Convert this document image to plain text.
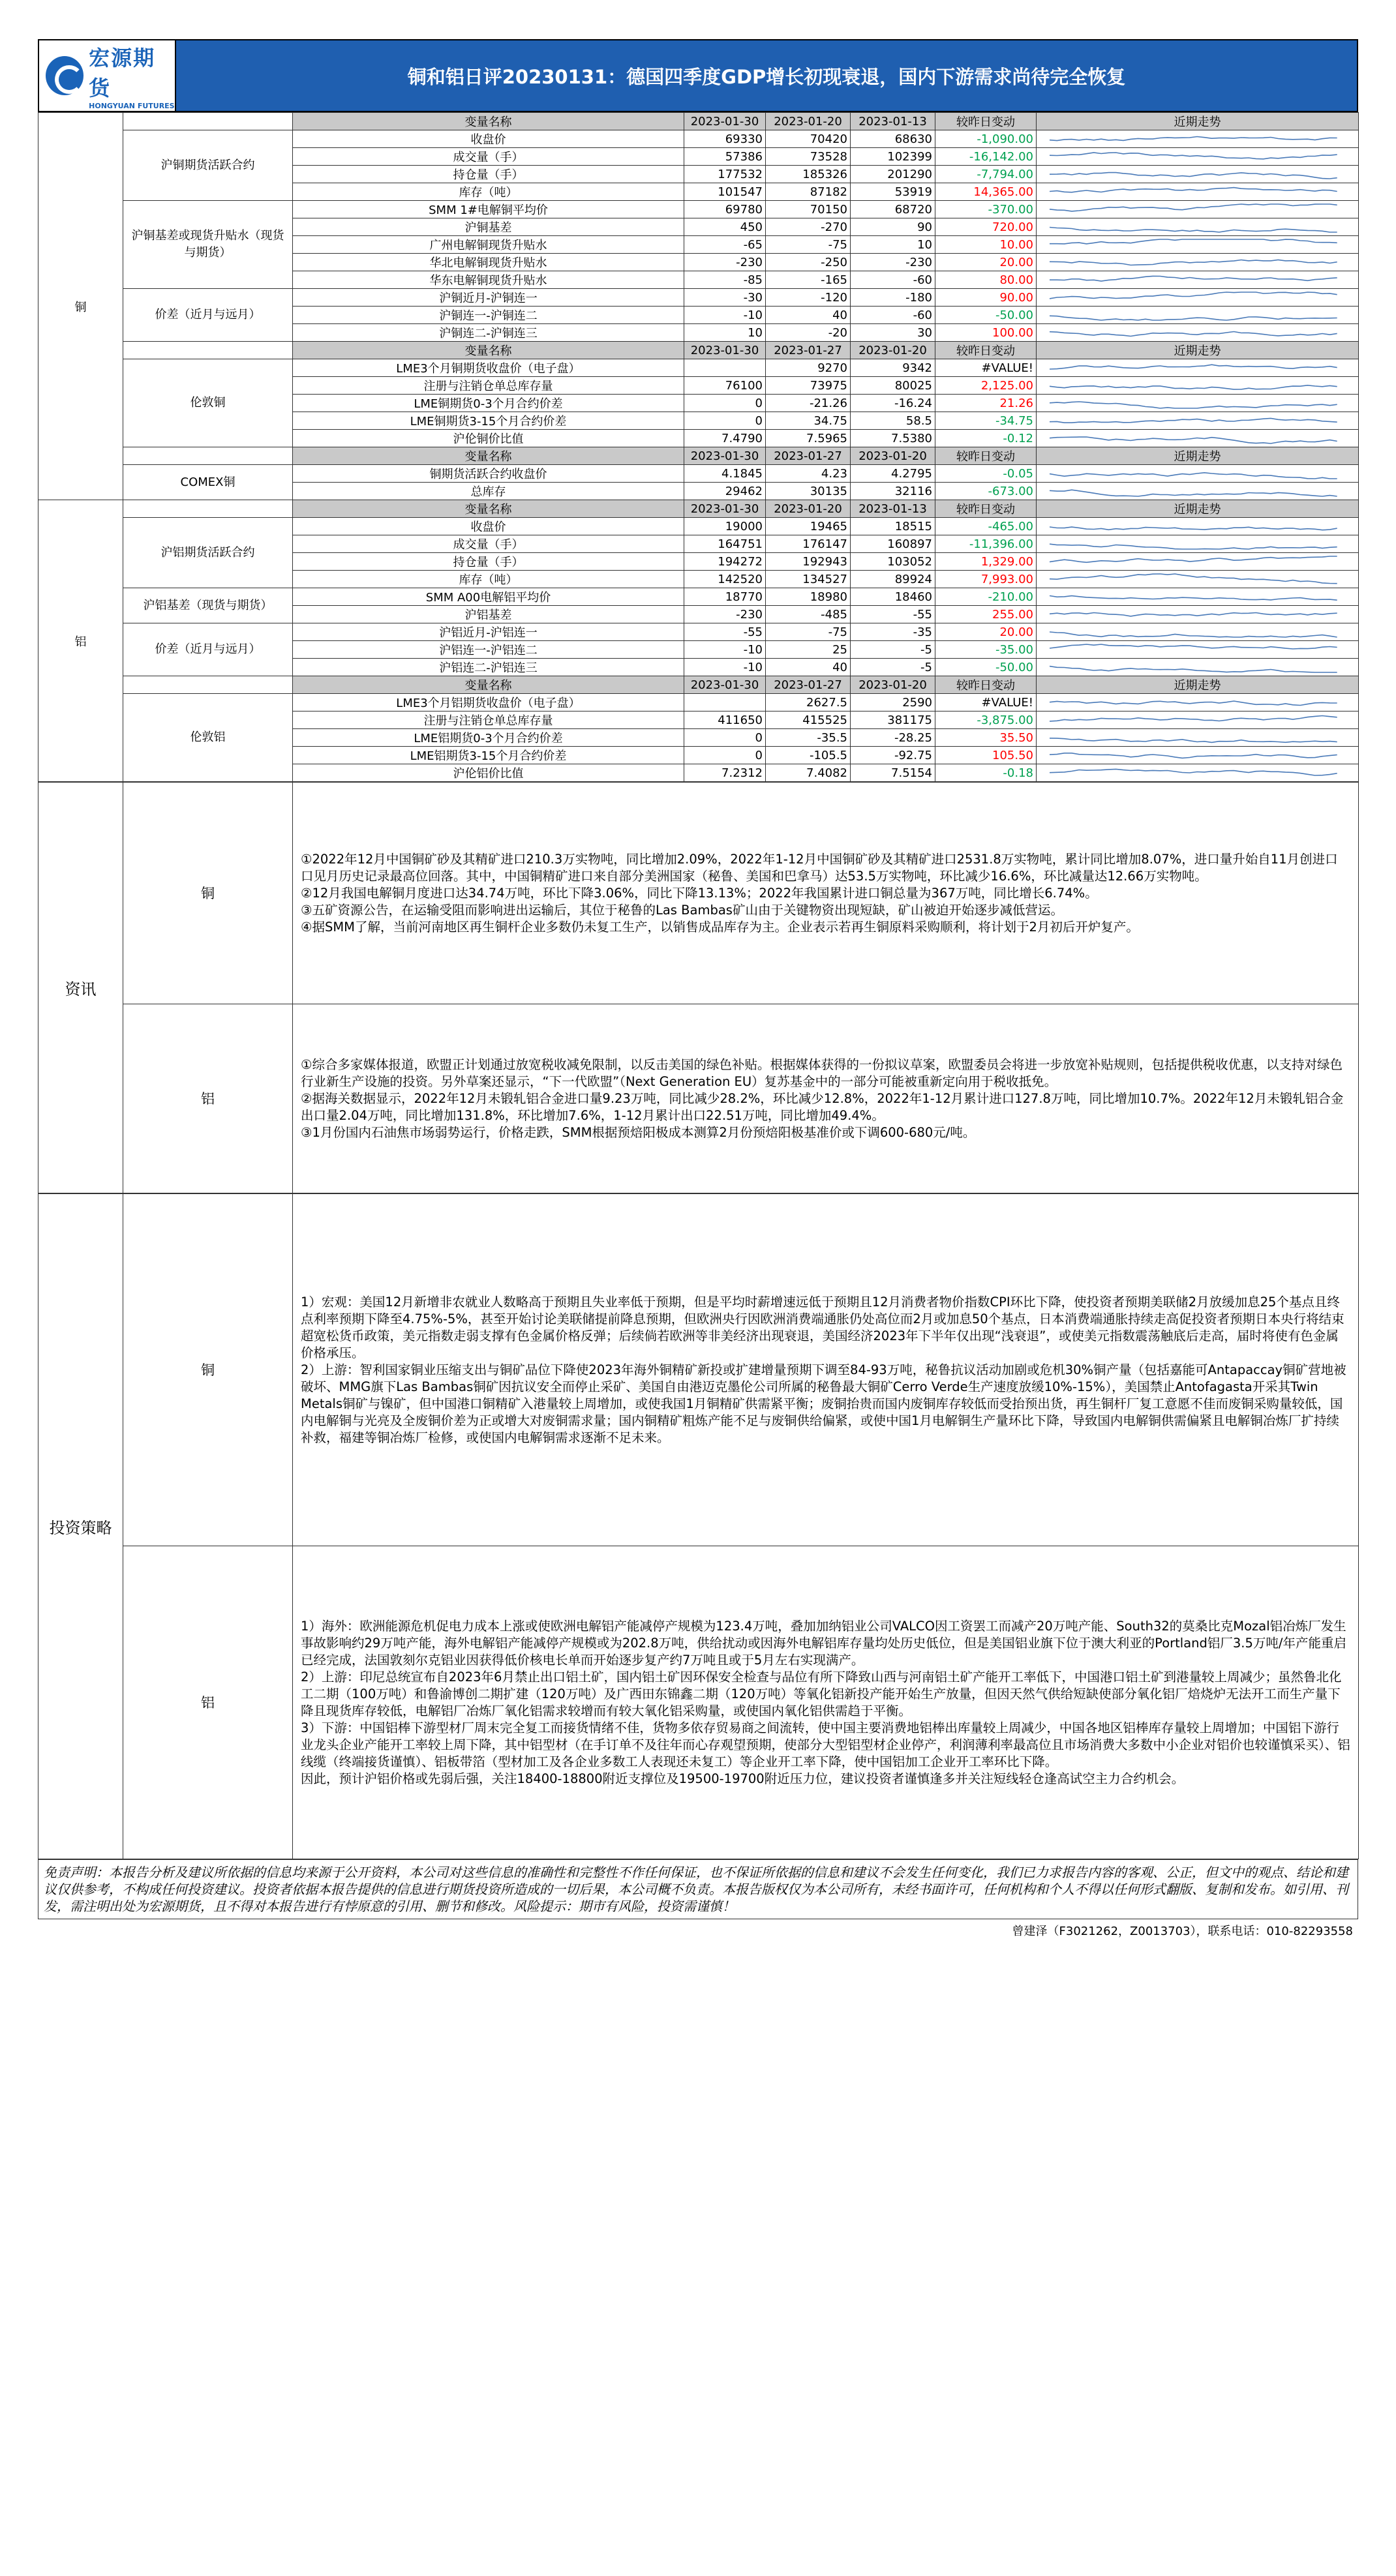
宏源期货
HONGYUAN FUTURES
铜和铝日评20230131：德国四季度GDP增长初现衰退，国内下游需求尚待完全恢复
铜		变量名称	2023-01-30	2023-01-20	2023-01-13	较昨日变动	近期走势
	沪铜期货活跃合约	收盘价	69330	70420	68630	-1,090.00	

		成交量（手）	57386	73528	102399	-16,142.00	

		持仓量（手）	177532	185326	201290	-7,794.00	

		库存（吨）	101547	87182	53919	14,365.00	

	沪铜基差或现货升贴水（现货与期货）	SMM 1#电解铜平均价	69780	70150	68720	-370.00	

		沪铜基差	450	-270	90	720.00	

		广州电解铜现货升贴水	-65	-75	10	10.00	

		华北电解铜现货升贴水	-230	-250	-230	20.00	

		华东电解铜现货升贴水	-85	-165	-60	80.00	

	价差（近月与远月）	沪铜近月-沪铜连一	-30	-120	-180	90.00	

		沪铜连一-沪铜连二	-10	40	-60	-50.00	

		沪铜连二-沪铜连三	10	-20	30	100.00	

		变量名称	2023-01-30	2023-01-27	2023-01-20	较昨日变动	近期走势
	伦敦铜	LME3个月铜期货收盘价（电子盘）		9270	9342	#VALUE!	

		注册与注销仓单总库存量	76100	73975	80025	2,125.00	

		LME铜期货0-3个月合约价差	0	-21.26	-16.24	21.26	

		LME铜期货3-15个月合约价差	0	34.75	58.5	-34.75	

		沪伦铜价比值	7.4790	7.5965	7.5380	-0.12	

		变量名称	2023-01-30	2023-01-27	2023-01-20	较昨日变动	近期走势
	COMEX铜	铜期货活跃合约收盘价	4.1845	4.23	4.2795	-0.05	

		总库存	29462	30135	32116	-673.00	

铝		变量名称	2023-01-30	2023-01-20	2023-01-13	较昨日变动	近期走势
	沪铝期货活跃合约	收盘价	19000	19465	18515	-465.00	

		成交量（手）	164751	176147	160897	-11,396.00	

		持仓量（手）	194272	192943	103052	1,329.00	

		库存（吨）	142520	134527	89924	7,993.00	

	沪铝基差（现货与期货）	SMM A00电解铝平均价	18770	18980	18460	-210.00	

		沪铝基差	-230	-485	-55	255.00	

	价差（近月与远月）	沪铝近月-沪铝连一	-55	-75	-35	20.00	

		沪铝连一-沪铝连二	-10	25	-5	-35.00	

		沪铝连二-沪铝连三	-10	40	-5	-50.00	

		变量名称	2023-01-30	2023-01-27	2023-01-20	较昨日变动	近期走势
	伦敦铝	LME3个月铝期货收盘价（电子盘）		2627.5	2590	#VALUE!	

		注册与注销仓单总库存量	411650	415525	381175	-3,875.00	

		LME铝期货0-3个月合约价差	0	-35.5	-28.25	35.50	

		LME铝期货3-15个月合约价差	0	-105.5	-92.75	105.50	

		沪伦铝价比值	7.2312	7.4082	7.5154	-0.18	
资讯	铜	①2022年12月中国铜矿砂及其精矿进口210.3万实物吨，同比增加2.09%，2022年1-12月中国铜矿砂及其精矿进口2531.8万实物吨，累计同比增加8.07%，进口量升始自11月创进口口见月历史记录最高位回落。其中，中国铜精矿进口来自部分美洲国家（秘鲁、美国和巴拿马）达53.5万实物吨，环比减少16.6%，环比减量达12.66万实物吨。

②12月我国电解铜月度进口达34.74万吨，环比下降3.06%，同比下降13.13%；2022年我国累计进口铜总量为367万吨，同比增长6.74%。

③五矿资源公告，在运输受阻而影响进出运输后，其位于秘鲁的Las Bambas矿山由于关键物资出现短缺，矿山被迫开始逐步减低营运。

④据SMM了解，当前河南地区再生铜杆企业多数仍未复工生产，以销售成品库存为主。企业表示若再生铜原料采购顺利，将计划于2月初后开炉复产。

	铝	①综合多家媒体报道，欧盟正计划通过放宽税收减免限制，以反击美国的绿色补贴。根据媒体获得的一份拟议草案，欧盟委员会将进一步放宽补贴规则，包括提供税收优惠，以支持对绿色行业新生产设施的投资。另外草案还显示，“下一代欧盟”（Next Generation EU）复苏基金中的一部分可能被重新定向用于税收抵免。

②据海关数据显示，2022年12月未锻轧铝合金进口量9.23万吨，同比减少28.2%，环比减少12.8%，2022年1-12月累计进口127.8万吨，同比增加10.7%。2022年12月未锻轧铝合金出口量2.04万吨，同比增加131.8%，环比增加7.6%，1-12月累计出口22.51万吨，同比增加49.4%。

③1月份国内石油焦市场弱势运行，价格走跌，SMM根据预焙阳极成本测算2月份预焙阳极基准价或下调600-680元/吨。

投资策略	铜	1）宏观：美国12月新增非农就业人数略高于预期且失业率低于预期，但是平均时薪增速远低于预期且12月消费者物价指数CPI环比下降，使投资者预期美联储2月放缓加息25个基点且终点利率预期下降至4.75%-5%，甚至开始讨论美联储提前降息预期，但欧洲央行因欧洲消费端通胀仍处高位而2月或加息50个基点，日本消费端通胀持续走高促投资者预期日本央行将结束超宽松货币政策，美元指数走弱支撑有色金属价格反弹；后续倘若欧洲等非美经济出现衰退，美国经济2023年下半年仅出现“浅衰退”，或使美元指数震荡触底后走高，届时将使有色金属价格承压。

2）上游：智利国家铜业压缩支出与铜矿品位下降使2023年海外铜精矿新投或扩建增量预期下调至84-93万吨，秘鲁抗议活动加剧或危机30%铜产量（包括嘉能可Antapaccay铜矿营地被破坏、MMG旗下Las Bambas铜矿因抗议安全而停止采矿、美国自由港迈克墨伦公司所属的秘鲁最大铜矿Cerro Verde生产速度放缓10%-15%），美国禁止Antofagasta开采其Twin Metals铜矿与镍矿，但中国港口铜精矿入港量较上周增加，或使我国1月铜精矿供需紧平衡；废铜抬贵而国内废铜库存较低而受抬预出货，再生铜杆厂复工意愿不佳而废铜采购量较低，国内电解铜与光亮及全废铜价差为正或增大对废铜需求量；国内铜精矿粗炼产能不足与废铜供给偏紧，或使中国1月电解铜生产量环比下降，导致国内电解铜供需偏紧且电解铜冶炼厂扩持续补救，福建等铜冶炼厂检修，或使国内电解铜需求逐渐不足未来。

	铝	1）海外：欧洲能源危机促电力成本上涨或使欧洲电解铝产能减停产规模为123.4万吨，叠加加纳铝业公司VALCO因工资罢工而减产20万吨产能、South32的莫桑比克Mozal铝冶炼厂发生事故影响约29万吨产能，海外电解铝产能减停产规模或为202.8万吨，供给扰动或因海外电解铝库存量均处历史低位，但是美国铝业旗下位于澳大利亚的Portland铝厂3.5万吨/年产能重启已经完成，法国敦刻尔克铝业因获得低价核电长单而开始逐步复产约7万吨且或于5月左右实现满产。

2）上游：印尼总统宣布自2023年6月禁止出口铝土矿，国内铝土矿因环保安全检查与品位有所下降致山西与河南铝土矿产能开工率低下，中国港口铝土矿到港量较上周减少；虽然鲁北化工二期（100万吨）和鲁渝博创二期扩建（120万吨）及广西田东锦鑫二期（120万吨）等氧化铝新投产能开始生产放量，但因天然气供给短缺使部分氧化铝厂焙烧炉无法开工而生产量下降且现货库存较低，电解铝厂冶炼厂氧化铝需求较增而有较大氧化铝采购量，或使国内氧化铝供需趋于平衡。

3）下游：中国铝棒下游型材厂周末完全复工而接货情绪不佳，货物多依存贸易商之间流转，使中国主要消费地铝棒出库量较上周减少，中国各地区铝棒库存量较上周增加；中国铝下游行业龙头企业产能开工率较上周下降，其中铝型材（在手订单不及往年而心存观望预期，使部分大型铝型材企业停产，利润薄利率最高位且市场消费大多数中小企业对铝价也较谨慎采买）、铝线缆（终端接货谨慎）、铝板带箔（型材加工及各企业多数工人表现还未复工）等企业开工率下降，使中国铝加工企业开工率环比下降。

因此，预计沪铝价格或先弱后强，关注18400-18800附近支撑位及19500-19700附近压力位，建议投资者谨慎逢多并关注短线轻仓逢高试空主力合约机会。

免责声明：本报告分析及建议所依据的信息均来源于公开资料，本公司对这些信息的准确性和完整性不作任何保证，也不保证所依据的信息和建议不会发生任何变化，我们已力求报告内容的客观、公正，但文中的观点、结论和建议仅供参考，不构成任何投资建议。投资者依据本报告提供的信息进行期货投资所造成的一切后果，本公司概不负责。本报告版权仅为本公司所有，未经书面许可，任何机构和个人不得以任何形式翻版、复制和发布。如引用、刊发，需注明出处为宏源期货，且不得对本报告进行有悖原意的引用、删节和修改。风险提示：期市有风险，投资需谨慎！
曾建泽（F3021262，Z0013703），联系电话：010-82293558
